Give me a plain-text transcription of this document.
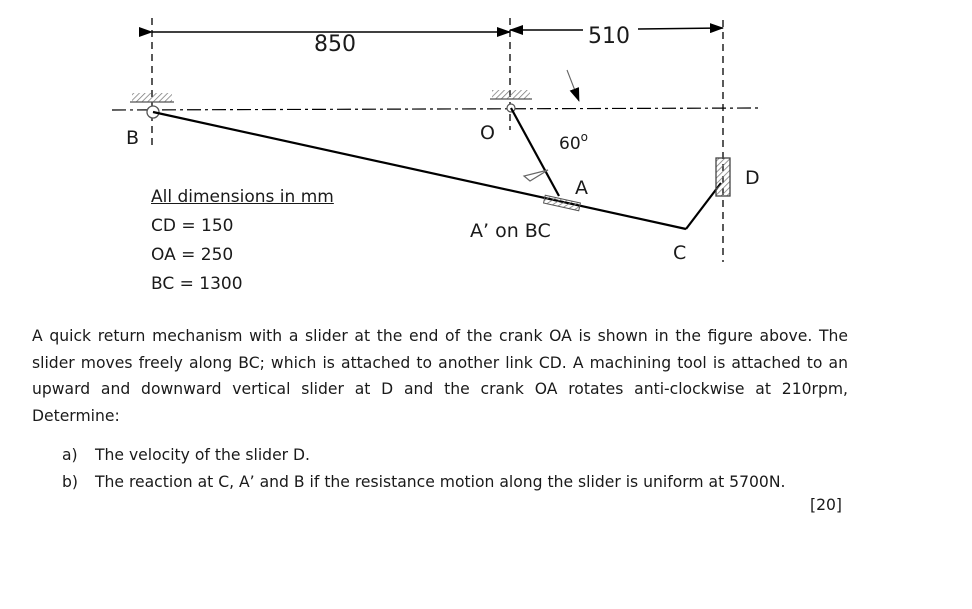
850	510
B	O
A
C
D
60$^o$
A’ on BC
All dimensions in mm
CD = 150
OA = 250
BC = 1300
A quick return mechanism with a slider at the end of the crank OA is shown in the figure above. The slider moves freely along BC; which is attached to another link CD. A machining tool is attached to an upward and downward vertical slider at D and the crank OA rotates anti-clockwise at 210rpm, Determine:
a) The velocity of the slider D.
b) The reaction at C, A’ and B if the resistance motion along the slider is uniform at 5700N.
[20]
